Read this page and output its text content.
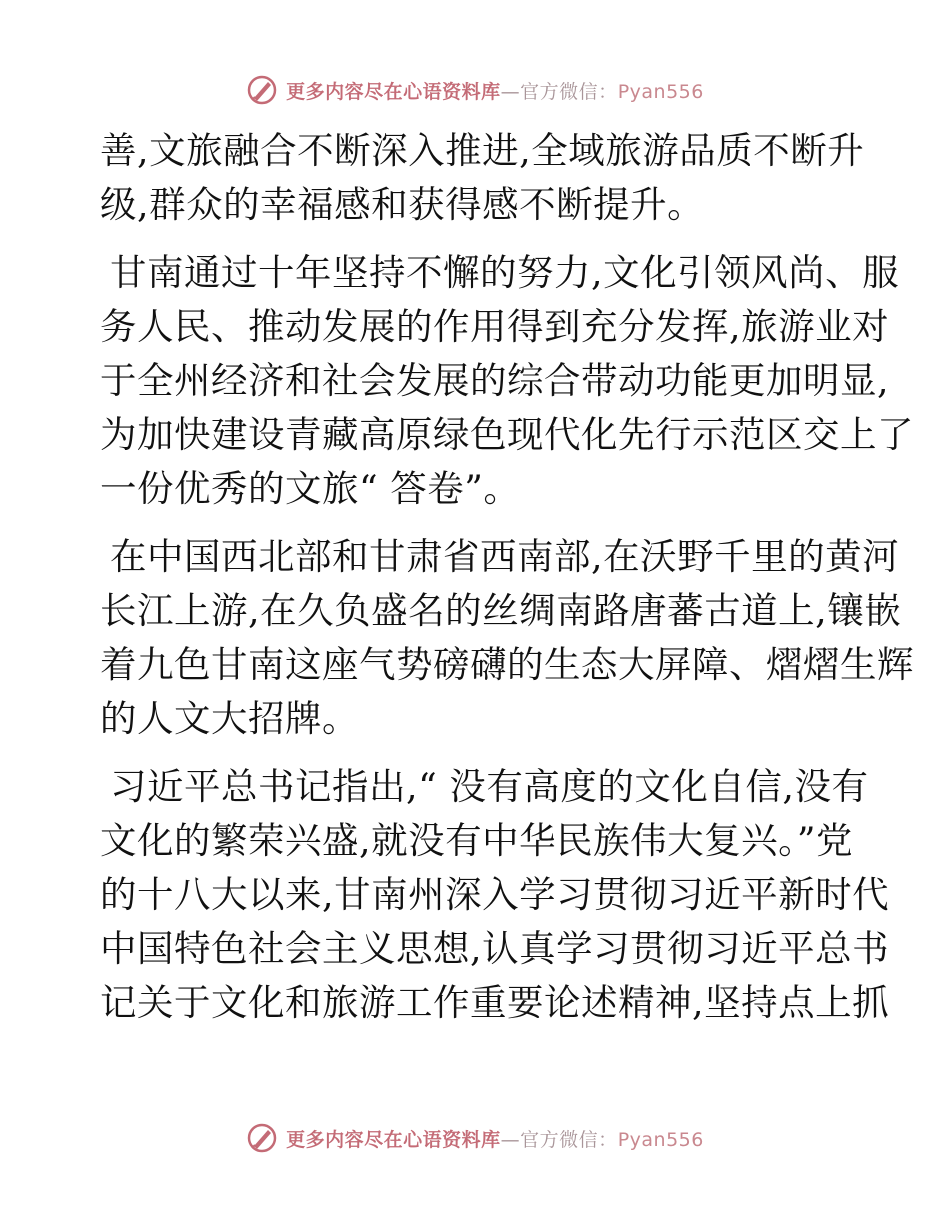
更多内容尽在心语资料库—官方微信：Pyan556

善,文旅融合不断深入推进,全域旅游品质不断升
级,群众的幸福感和获得感不断提升。

甘南通过十年坚持不懈的努力,文化引领风尚、服
务人民、推动发展的作用得到充分发挥,旅游业对
于全州经济和社会发展的综合带动功能更加明显,
为加快建设青藏高原绿色现代化先行示范区交上了
一份优秀的文旅“ 答卷”。

在中国西北部和甘肃省西南部,在沃野千里的黄河
长江上游,在久负盛名的丝绸南路唐蕃古道上,镶嵌
着九色甘南这座气势磅礴的生态大屏障、熠熠生辉
的人文大招牌。

习近平总书记指出,“ 没有高度的文化自信,没有
文化的繁荣兴盛,就没有中华民族伟大复兴。”党
的十八大以来,甘南州深入学习贯彻习近平新时代
中国特色社会主义思想,认真学习贯彻习近平总书
记关于文化和旅游工作重要论述精神,坚持点上抓

更多内容尽在心语资料库—官方微信：Pyan556
